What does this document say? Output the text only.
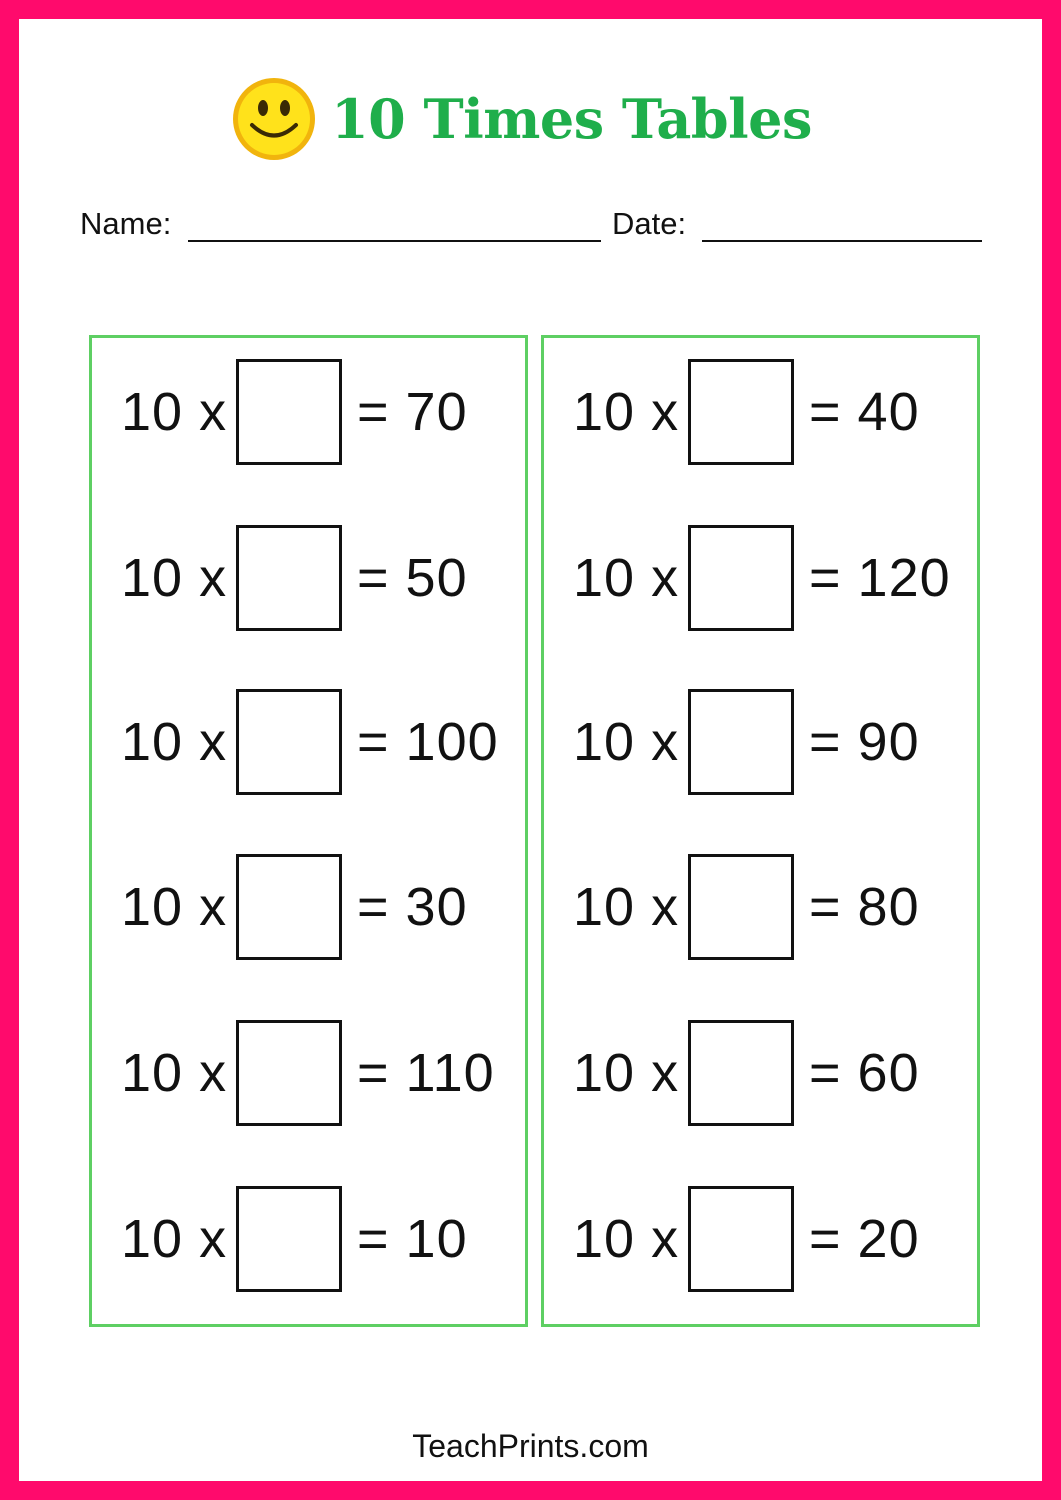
10 Times Tables
Name:	Date:
10 x = 70
10 x = 50
10 x = 100
10 x = 30
10 x = 110
10 x = 10
10 x = 40
10 x = 120
10 x = 90
10 x = 80
10 x = 60
10 x = 20
TeachPrints.com
